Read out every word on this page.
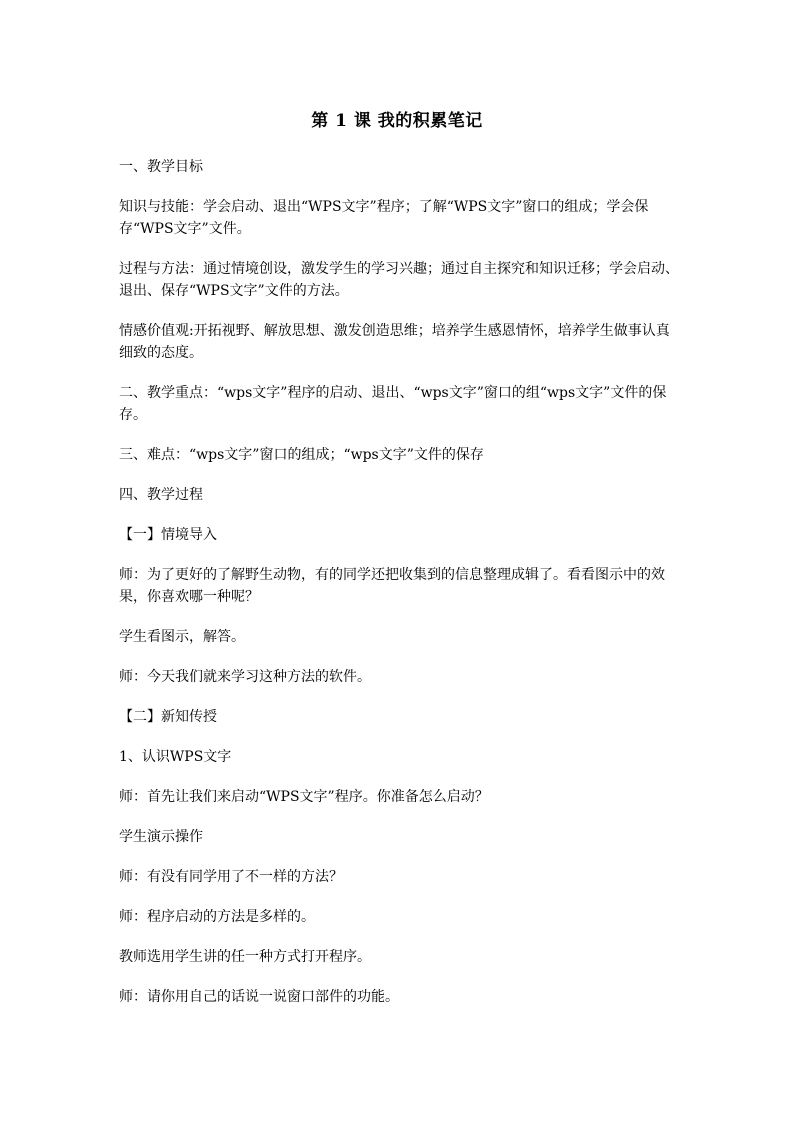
第 1 课 我的积累笔记

一、教学目标

知识与技能：学会启动、退出“WPS文字”程序；了解“WPS文字”窗口的组成；学会保存“WPS文字”文件。

过程与方法：通过情境创设，激发学生的学习兴趣；通过自主探究和知识迁移；学会启动、退出、保存“WPS文字”文件的方法。

情感价值观:开拓视野、解放思想、激发创造思维；培养学生感恩情怀，培养学生做事认真细致的态度。

二、教学重点：“wps文字”程序的启动、退出、“wps文字”窗口的组“wps文字”文件的保存。

三、难点：“wps文字”窗口的组成；“wps文字”文件的保存

四、教学过程

【一】情境导入

师：为了更好的了解野生动物，有的同学还把收集到的信息整理成辑了。看看图示中的效果，你喜欢哪一种呢？

学生看图示，解答。

师：今天我们就来学习这种方法的软件。

【二】新知传授

1、认识WPS文字

师：首先让我们来启动“WPS文字”程序。你准备怎么启动？

学生演示操作

师：有没有同学用了不一样的方法？

师：程序启动的方法是多样的。

教师选用学生讲的任一种方式打开程序。

师：请你用自己的话说一说窗口部件的功能。
